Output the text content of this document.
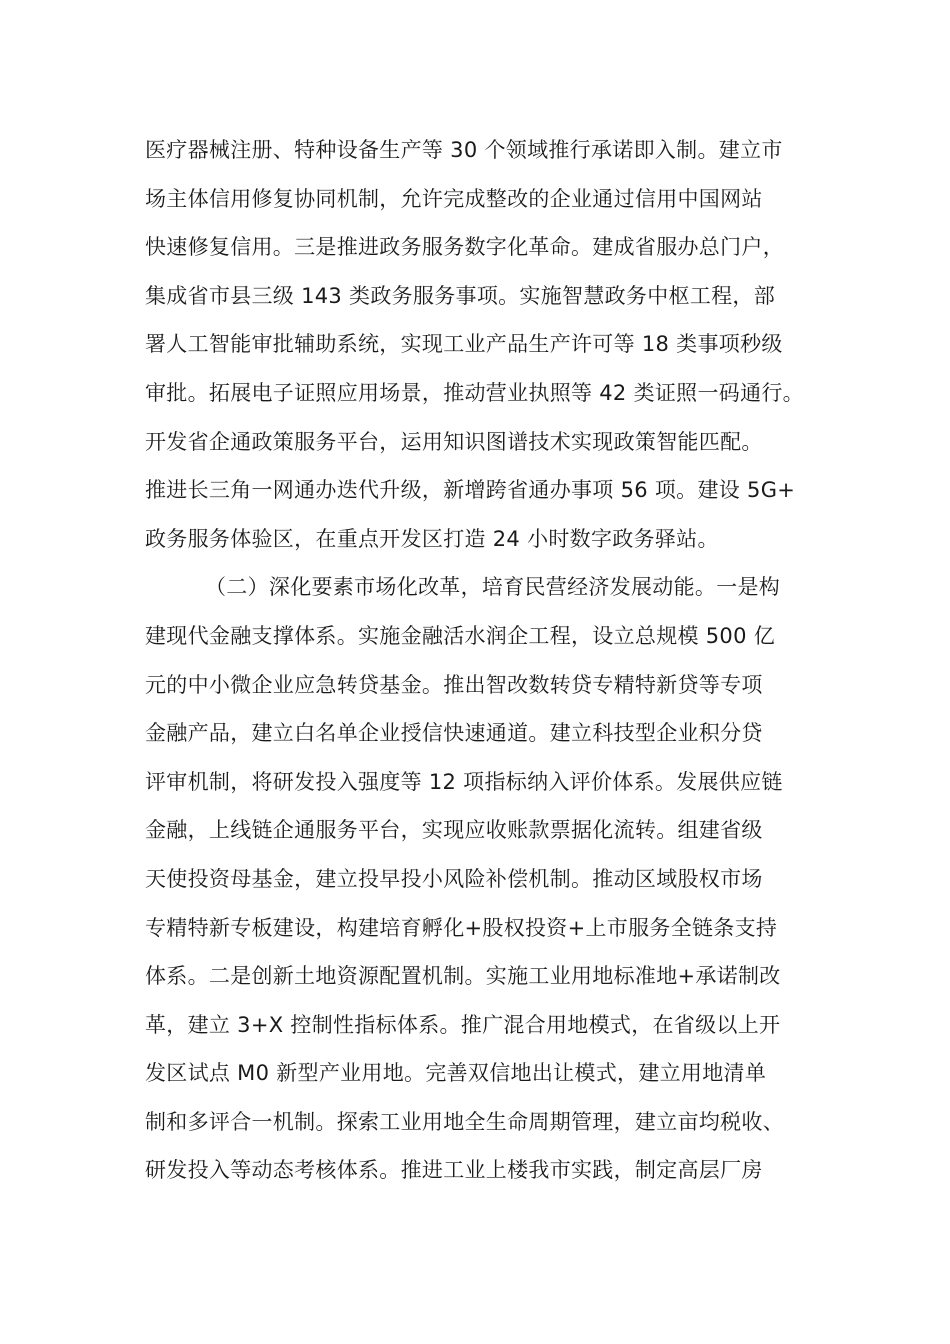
医疗器械注册、特种设备生产等 30 个领域推行承诺即入制。建立市
场主体信用修复协同机制，允许完成整改的企业通过信用中国网站
快速修复信用。三是推进政务服务数字化革命。建成省服办总门户，
集成省市县三级 143 类政务服务事项。实施智慧政务中枢工程，部
署人工智能审批辅助系统，实现工业产品生产许可等 18 类事项秒级
审批。拓展电子证照应用场景，推动营业执照等 42 类证照一码通行。
开发省企通政策服务平台，运用知识图谱技术实现政策智能匹配。
推进长三角一网通办迭代升级，新增跨省通办事项 56 项。建设 5G+
政务服务体验区，在重点开发区打造 24 小时数字政务驿站。
（二）深化要素市场化改革，培育民营经济发展动能。一是构
建现代金融支撑体系。实施金融活水润企工程，设立总规模 500 亿
元的中小微企业应急转贷基金。推出智改数转贷专精特新贷等专项
金融产品，建立白名单企业授信快速通道。建立科技型企业积分贷
评审机制，将研发投入强度等 12 项指标纳入评价体系。发展供应链
金融，上线链企通服务平台，实现应收账款票据化流转。组建省级
天使投资母基金，建立投早投小风险补偿机制。推动区域股权市场
专精特新专板建设，构建培育孵化+股权投资+上市服务全链条支持
体系。二是创新土地资源配置机制。实施工业用地标准地+承诺制改
革，建立 3+X 控制性指标体系。推广混合用地模式，在省级以上开
发区试点 M0 新型产业用地。完善双信地出让模式，建立用地清单
制和多评合一机制。探索工业用地全生命周期管理，建立亩均税收、
研发投入等动态考核体系。推进工业上楼我市实践，制定高层厂房
